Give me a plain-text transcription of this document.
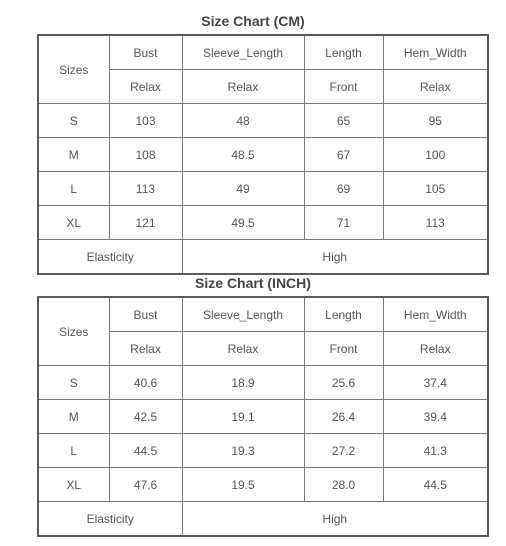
Size Chart (CM)
Sizes	Bust	Sleeve_Length	Length	Hem_Width
	Relax	Relax	Front	Relax
S	103	48	65	95
M	108	48.5	67	100
L	113	49	69	105
XL	121	49.5	71	113
Elasticity		High		
Size Chart (INCH)
Sizes	Bust	Sleeve_Length	Length	Hem_Width
	Relax	Relax	Front	Relax
S	40.6	18.9	25.6	37.4
M	42.5	19.1	26.4	39.4
L	44.5	19.3	27.2	41.3
XL	47.6	19.5	28.0	44.5
Elasticity		High		
